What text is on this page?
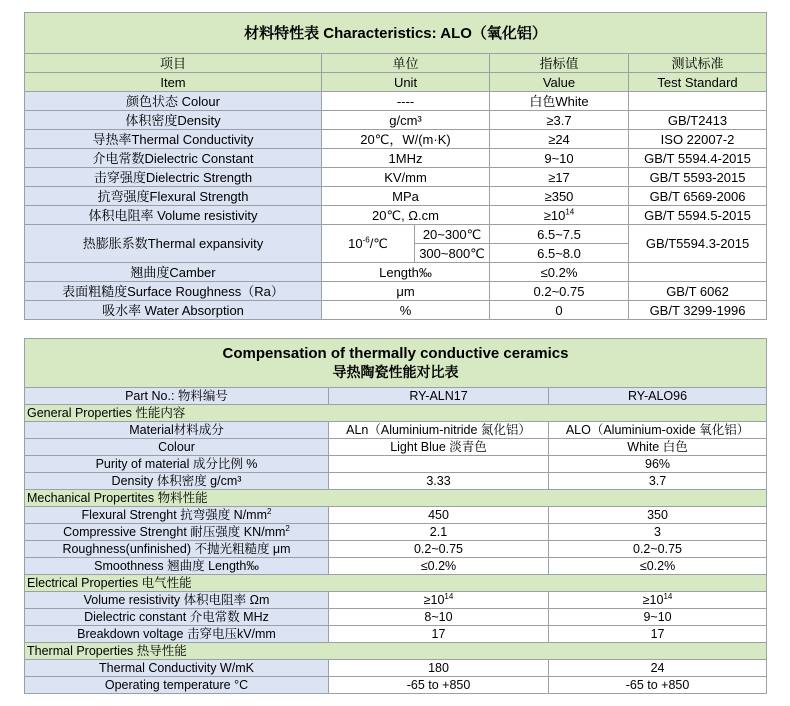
材料特性表 Characteristics: ALO（氧化铝）				
项目	单位		指标值	测试标准
Item	Unit		Value	Test Standard
颜色状态 Colour	----		白色White	
体积密度Density	g/cm³		≥3.7	GB/T2413
导热率Thermal Conductivity	20℃，W/(m·K)		≥24	ISO 22007-2
介电常数Dielectric Constant	1MHz		9~10	GB/T 5594.4-2015
击穿强度Dielectric Strength	KV/mm		≥17	GB/T 5593-2015
抗弯强度Flexural Strength	MPa		≥350	GB/T 6569-2006
体积电阻率 Volume resistivity	20℃, Ω.cm		$\ge 10^{14}$	GB/T 5594.5-2015
热膨胀系数Thermal expansivity	$10^{-6}/℃$	20~300℃	6.5~7.5	GB/T5594.3-2015
		300~800℃	6.5~8.0	
翘曲度Camber	Length‰		≤0.2%	
表面粗糙度Surface Roughness（Ra）	μm		0.2~0.75	GB/T 6062
吸水率 Water Absorption	%		0	GB/T 3299-1996
Compensation of thermally conductive ceramics
导热陶瓷性能对比表		

Part No.: 物料编号	RY-ALN17	RY-ALO96
General Properties 性能内容		
Material材料成分	ALn（Aluminium-nitride 氮化铝）	ALO（Aluminium-oxide 氧化铝）
Colour	Light Blue 淡青色	White 白色
Purity of material 成分比例 %		96%
Density 体积密度 g/cm³	3.33	3.7
Mechanical Propertites 物料性能		
Flexural Strenght 抗弯强度 $N/mm^2$	450	350
Compressive Strenght 耐压强度 $KN/mm^2$	2.1	3
Roughness(unfinished) 不抛光粗糙度 μm	0.2~0.75	0.2~0.75
Smoothness 翘曲度 Length‰	≤0.2%	≤0.2%
Electrical Properties 电气性能		
Volume resistivity 体积电阻率 Ωm	$\ge 10^{14}$	$\ge 10^{14}$
Dielectric constant 介电常数 MHz	8~10	9~10
Breakdown voltage 击穿电压kV/mm	17	17
Thermal Properties 热导性能		
Thermal Conductivity W/mK	180	24
Operating temperature °C	-65 to +850	-65 to +850
